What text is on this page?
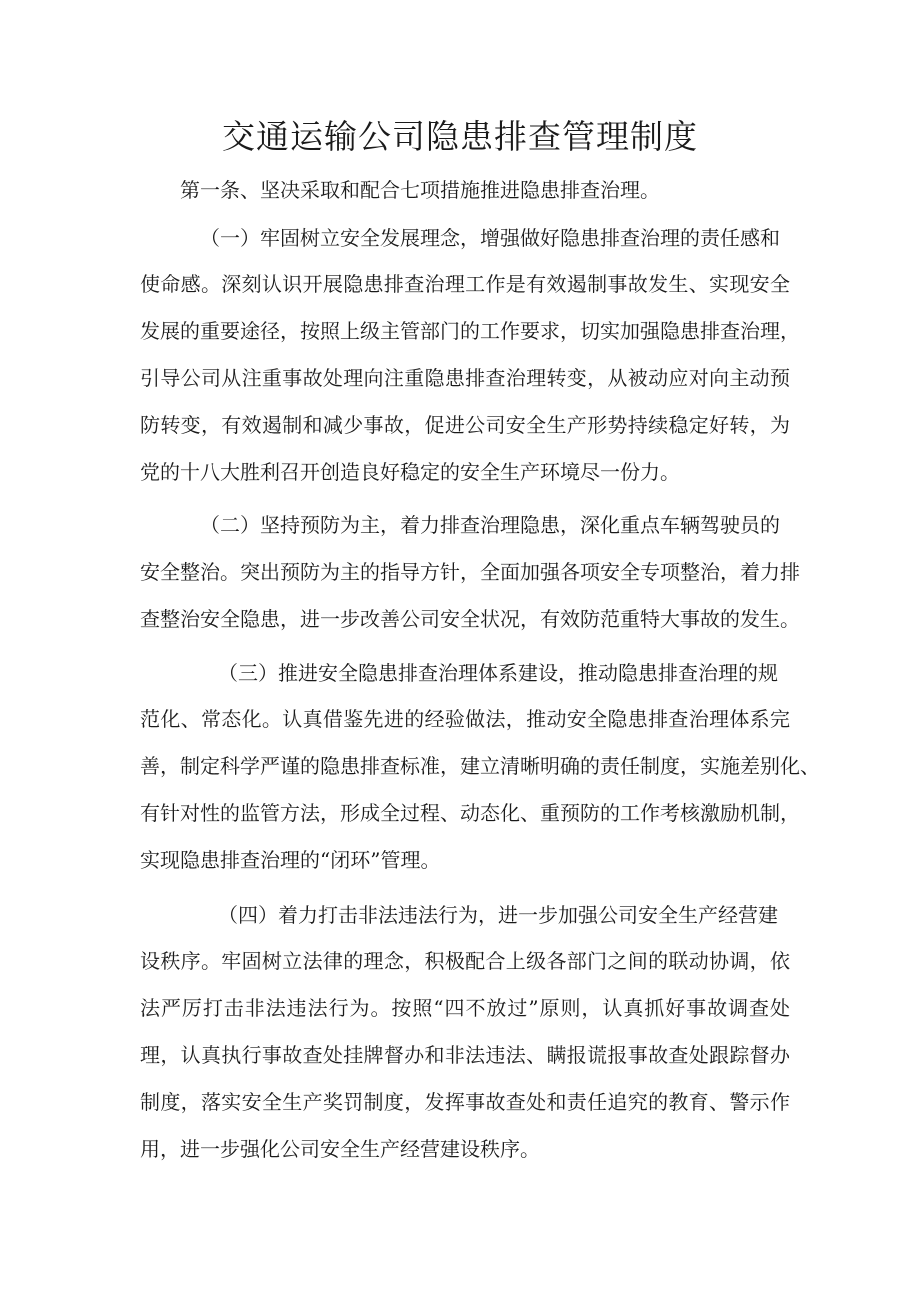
交通运输公司隐患排查管理制度

第一条、坚决采取和配合七项措施推进隐患排查治理。

（一）牢固树立安全发展理念，增强做好隐患排查治理的责任感和

使命感。深刻认识开展隐患排查治理工作是有效遏制事故发生、实现安全

发展的重要途径，按照上级主管部门的工作要求，切实加强隐患排查治理，

引导公司从注重事故处理向注重隐患排查治理转变，从被动应对向主动预

防转变，有效遏制和减少事故，促进公司安全生产形势持续稳定好转，为

党的十八大胜利召开创造良好稳定的安全生产环境尽一份力。

（二）坚持预防为主，着力排查治理隐患，深化重点车辆驾驶员的

安全整治。突出预防为主的指导方针，全面加强各项安全专项整治，着力排

查整治安全隐患，进一步改善公司安全状况，有效防范重特大事故的发生。

（三）推进安全隐患排查治理体系建设，推动隐患排查治理的规

范化、常态化。认真借鉴先进的经验做法，推动安全隐患排查治理体系完

善，制定科学严谨的隐患排查标准，建立清晰明确的责任制度，实施差别化、

有针对性的监管方法，形成全过程、动态化、重预防的工作考核激励机制，

实现隐患排查治理的“闭环”管理。

（四）着力打击非法违法行为，进一步加强公司安全生产经营建

设秩序。牢固树立法律的理念，积极配合上级各部门之间的联动协调，依

法严厉打击非法违法行为。按照“四不放过”原则，认真抓好事故调查处

理，认真执行事故查处挂牌督办和非法违法、瞒报谎报事故查处跟踪督办

制度，落实安全生产奖罚制度，发挥事故查处和责任追究的教育、警示作

用，进一步强化公司安全生产经营建设秩序。
